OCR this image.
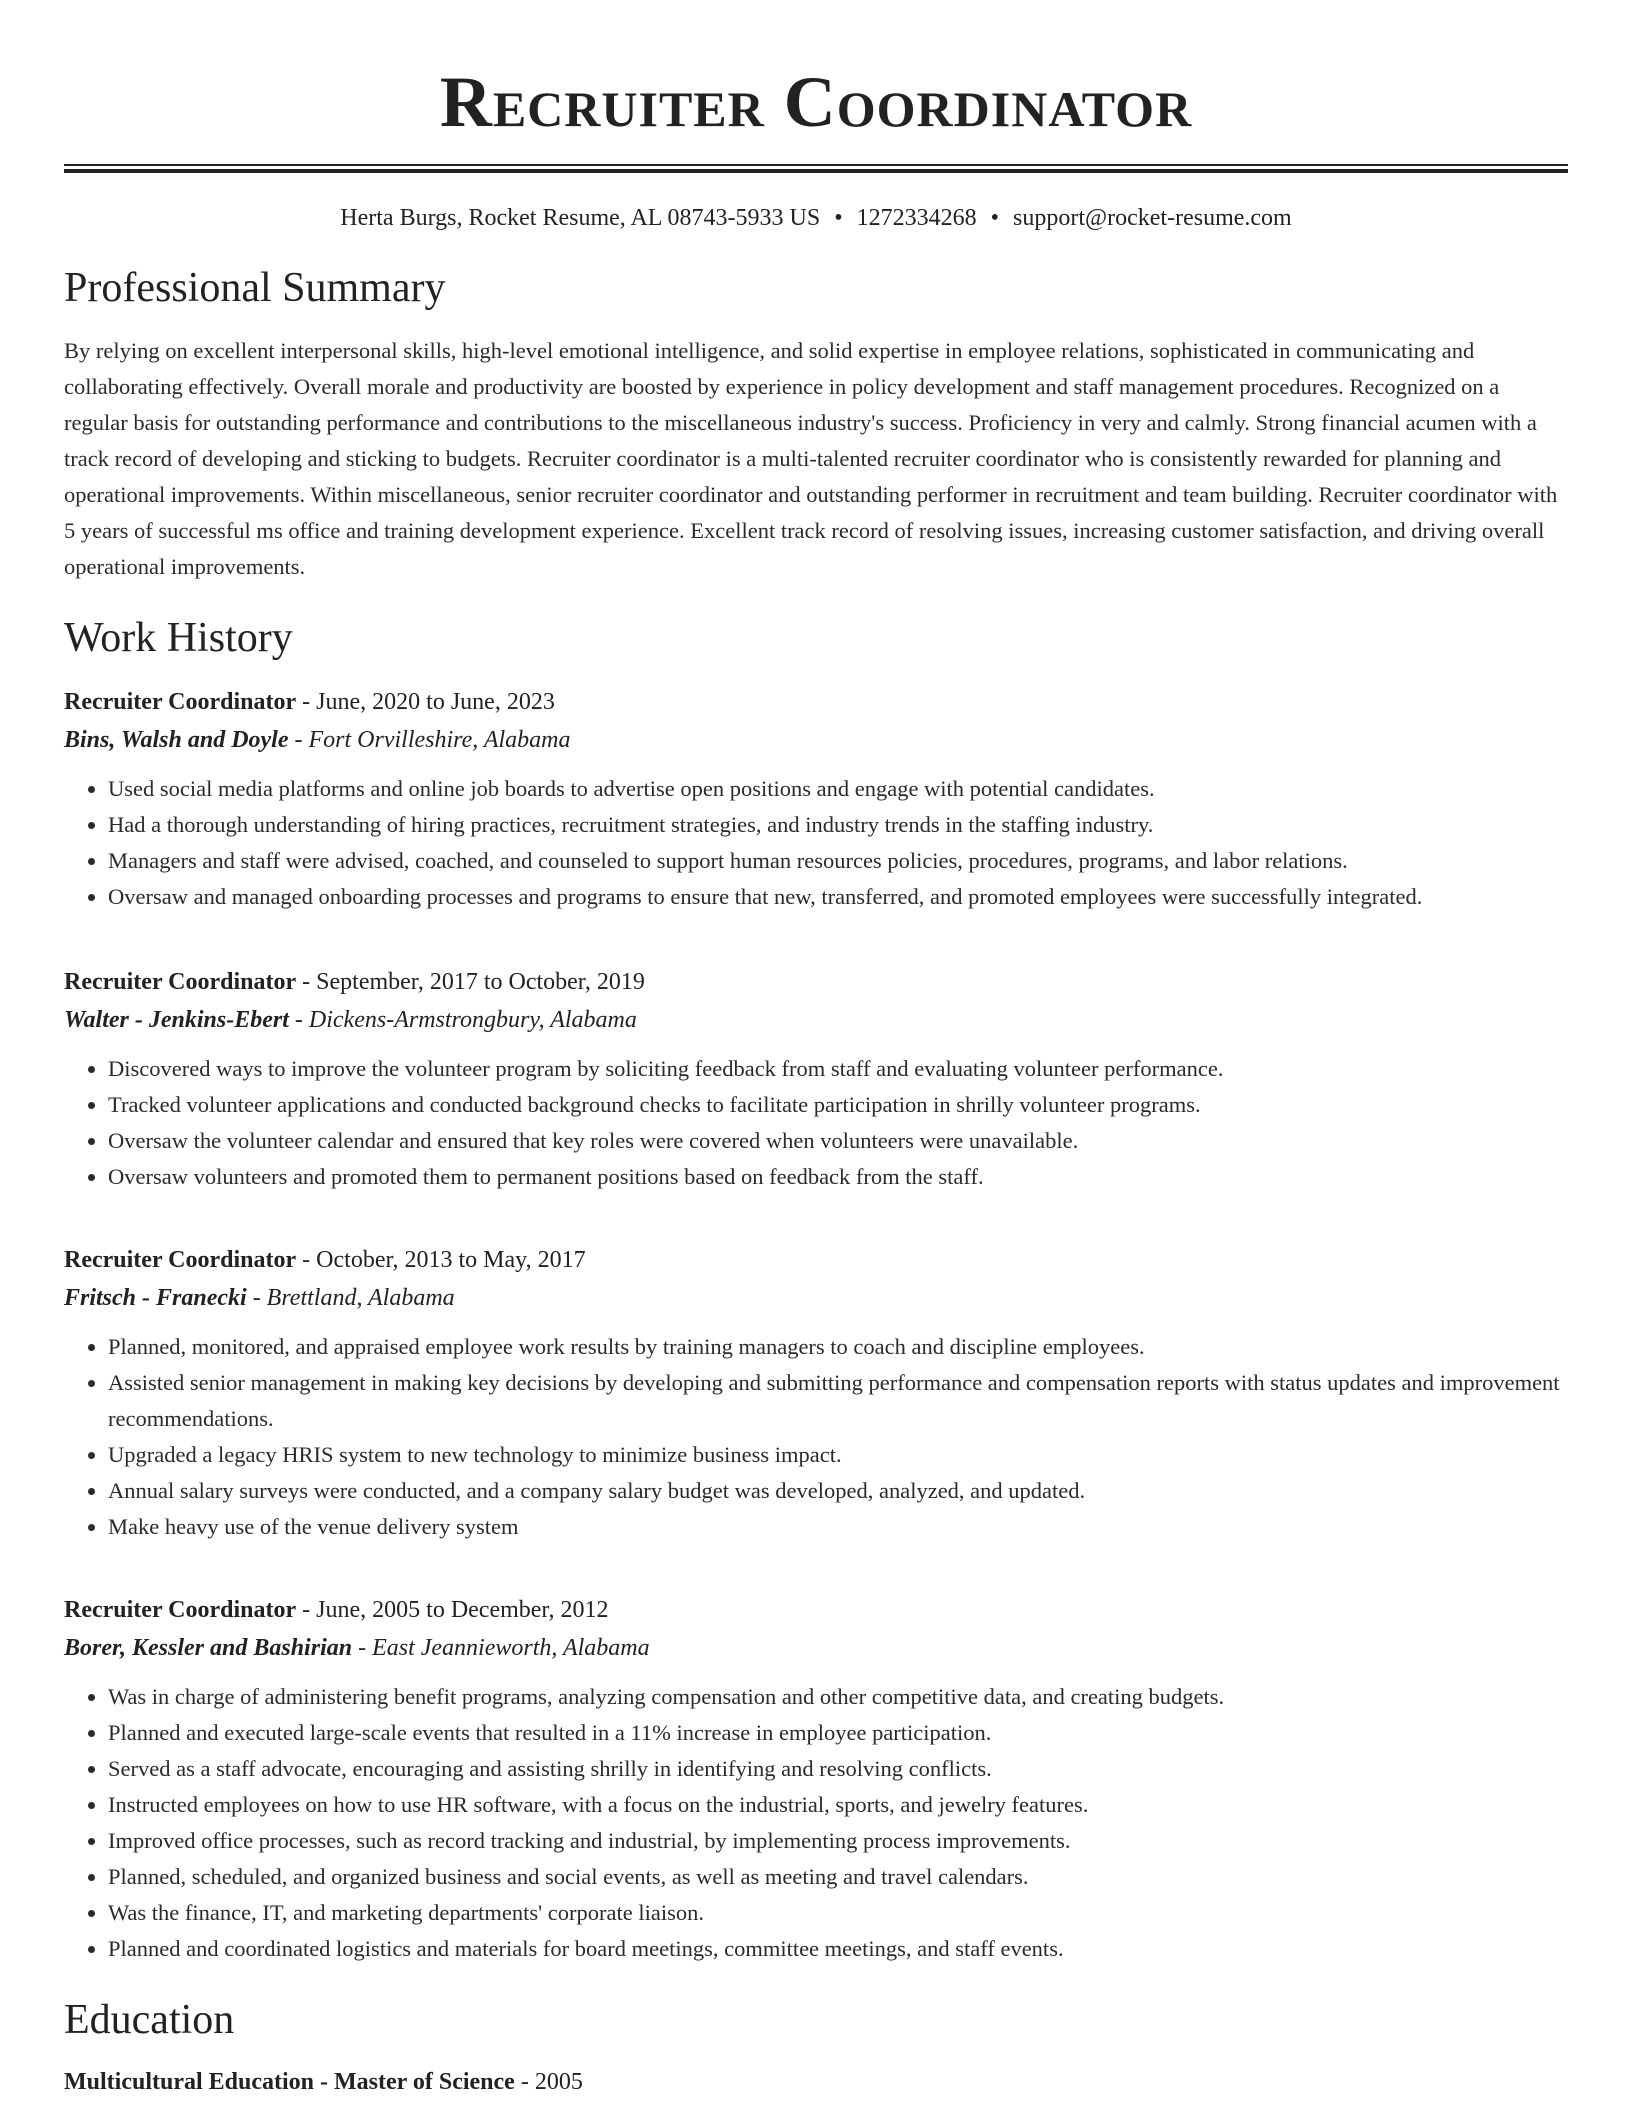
Recruiter Coordinator
Herta Burgs, Rocket Resume, AL 08743-5933 US • 1272334268 • support@rocket-resume.com
Professional Summary
By relying on excellent interpersonal skills, high-level emotional intelligence, and solid expertise in employee relations, sophisticated in communicating and collaborating effectively. Overall morale and productivity are boosted by experience in policy development and staff management procedures. Recognized on a regular basis for outstanding performance and contributions to the miscellaneous industry's success. Proficiency in very and calmly. Strong financial acumen with a track record of developing and sticking to budgets. Recruiter coordinator is a multi-talented recruiter coordinator who is consistently rewarded for planning and operational improvements. Within miscellaneous, senior recruiter coordinator and outstanding performer in recruitment and team building. Recruiter coordinator with 5 years of successful ms office and training development experience. Excellent track record of resolving issues, increasing customer satisfaction, and driving overall operational improvements.
Work History
Recruiter Coordinator - June, 2020 to June, 2023
Bins, Walsh and Doyle - Fort Orvilleshire, Alabama
• Used social media platforms and online job boards to advertise open positions and engage with potential candidates.
• Had a thorough understanding of hiring practices, recruitment strategies, and industry trends in the staffing industry.
• Managers and staff were advised, coached, and counseled to support human resources policies, procedures, programs, and labor relations.
• Oversaw and managed onboarding processes and programs to ensure that new, transferred, and promoted employees were successfully integrated.
Recruiter Coordinator - September, 2017 to October, 2019
Walter - Jenkins-Ebert - Dickens-Armstrongbury, Alabama
• Discovered ways to improve the volunteer program by soliciting feedback from staff and evaluating volunteer performance.
• Tracked volunteer applications and conducted background checks to facilitate participation in shrilly volunteer programs.
• Oversaw the volunteer calendar and ensured that key roles were covered when volunteers were unavailable.
• Oversaw volunteers and promoted them to permanent positions based on feedback from the staff.
Recruiter Coordinator - October, 2013 to May, 2017
Fritsch - Franecki - Brettland, Alabama
• Planned, monitored, and appraised employee work results by training managers to coach and discipline employees.
• Assisted senior management in making key decisions by developing and submitting performance and compensation reports with status updates and improvement recommendations.
• Upgraded a legacy HRIS system to new technology to minimize business impact.
• Annual salary surveys were conducted, and a company salary budget was developed, analyzed, and updated.
• Make heavy use of the venue delivery system
Recruiter Coordinator - June, 2005 to December, 2012
Borer, Kessler and Bashirian - East Jeannieworth, Alabama
• Was in charge of administering benefit programs, analyzing compensation and other competitive data, and creating budgets.
• Planned and executed large-scale events that resulted in a 11% increase in employee participation.
• Served as a staff advocate, encouraging and assisting shrilly in identifying and resolving conflicts.
• Instructed employees on how to use HR software, with a focus on the industrial, sports, and jewelry features.
• Improved office processes, such as record tracking and industrial, by implementing process improvements.
• Planned, scheduled, and organized business and social events, as well as meeting and travel calendars.
• Was the finance, IT, and marketing departments' corporate liaison.
• Planned and coordinated logistics and materials for board meetings, committee meetings, and staff events.
Education
Multicultural Education - Master of Science - 2005
